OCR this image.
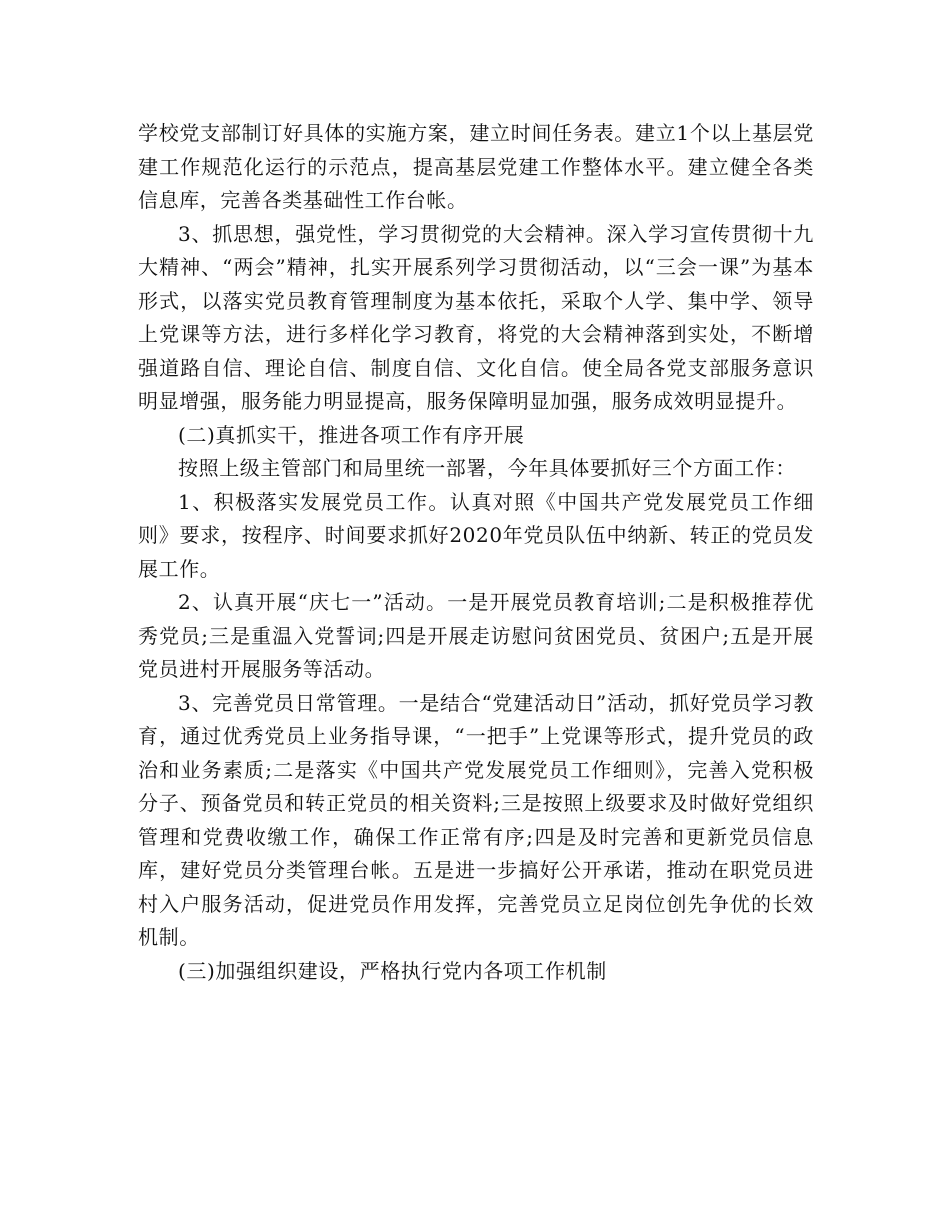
学校党支部制订好具体的实施方案，建立时间任务表。建立1个以上基层党建工作规范化运行的示范点，提高基层党建工作整体水平。建立健全各类信息库，完善各类基础性工作台帐。

3、抓思想，强党性，学习贯彻党的大会精神。深入学习宣传贯彻十九大精神、“两会”精神，扎实开展系列学习贯彻活动，以“三会一课”为基本形式，以落实党员教育管理制度为基本依托，采取个人学、集中学、领导上党课等方法，进行多样化学习教育，将党的大会精神落到实处，不断增强道路自信、理论自信、制度自信、文化自信。使全局各党支部服务意识明显增强，服务能力明显提高，服务保障明显加强，服务成效明显提升。

(二)真抓实干，推进各项工作有序开展

按照上级主管部门和局里统一部署，今年具体要抓好三个方面工作：

1、积极落实发展党员工作。认真对照《中国共产党发展党员工作细则》要求，按程序、时间要求抓好2020年党员队伍中纳新、转正的党员发展工作。

2、认真开展“庆七一”活动。一是开展党员教育培训;二是积极推荐优秀党员;三是重温入党誓词;四是开展走访慰问贫困党员、贫困户;五是开展党员进村开展服务等活动。

3、完善党员日常管理。一是结合“党建活动日”活动，抓好党员学习教育，通过优秀党员上业务指导课，“一把手”上党课等形式，提升党员的政治和业务素质;二是落实《中国共产党发展党员工作细则》，完善入党积极分子、预备党员和转正党员的相关资料;三是按照上级要求及时做好党组织管理和党费收缴工作，确保工作正常有序;四是及时完善和更新党员信息库，建好党员分类管理台帐。五是进一步搞好公开承诺，推动在职党员进村入户服务活动，促进党员作用发挥，完善党员立足岗位创先争优的长效机制。

(三)加强组织建设，严格执行党内各项工作机制
